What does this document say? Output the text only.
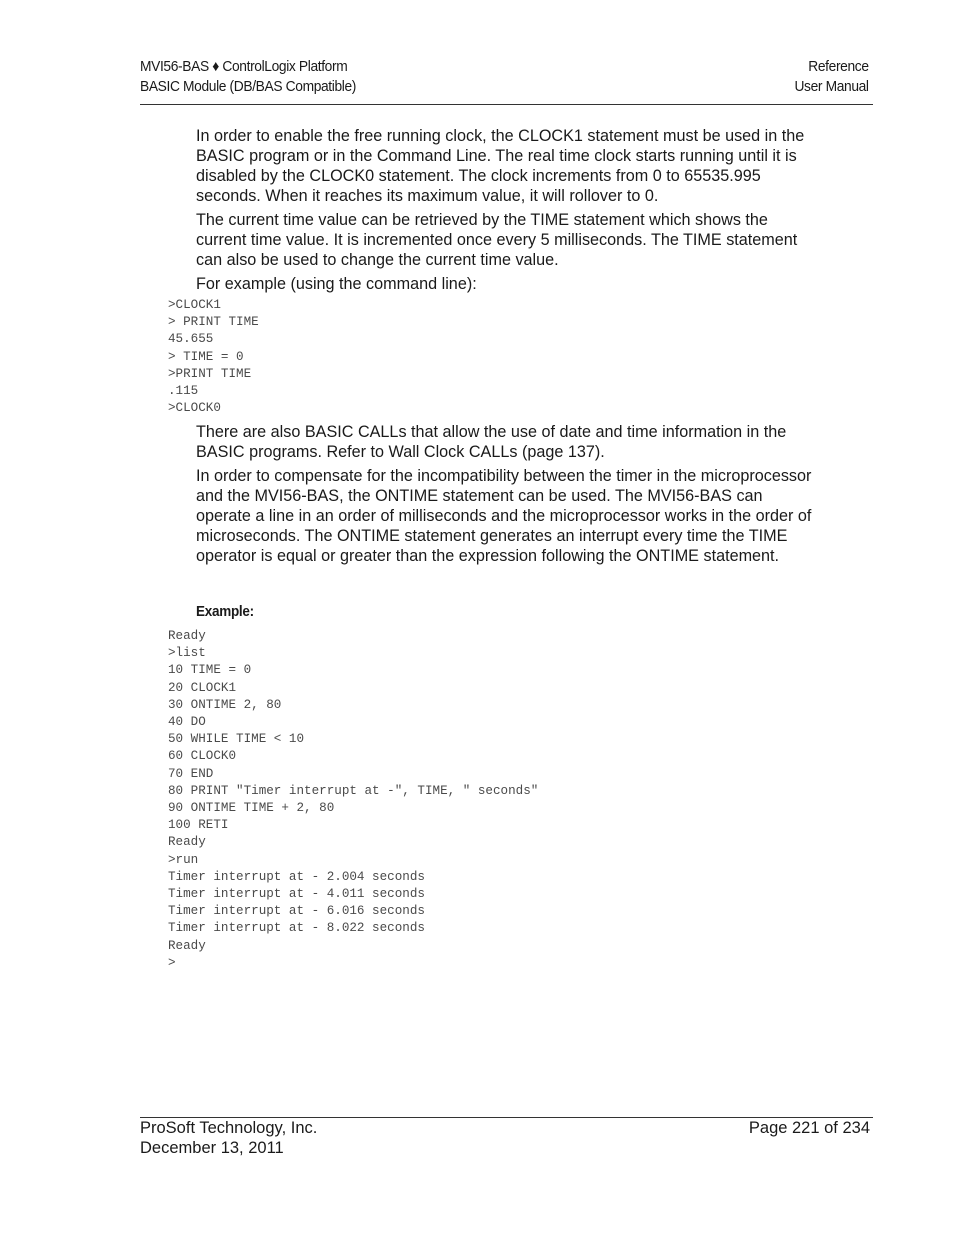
MVI56-BAS ♦ ControlLogix Platform
BASIC Module (DB/BAS Compatible)
Reference
User Manual

In order to enable the free running clock, the CLOCK1 statement must be used in the BASIC program or in the Command Line. The real time clock starts running until it is disabled by the CLOCK0 statement. The clock increments from 0 to 65535.995 seconds. When it reaches its maximum value, it will rollover to 0.

The current time value can be retrieved by the TIME statement which shows the current time value. It is incremented once every 5 milliseconds. The TIME statement can also be used to change the current time value.

For example (using the command line):

>CLOCK1
> PRINT TIME
45.655
> TIME = 0
>PRINT TIME
.115
>CLOCK0

There are also BASIC CALLs that allow the use of date and time information in the BASIC programs. Refer to Wall Clock CALLs (page 137).

In order to compensate for the incompatibility between the timer in the microprocessor and the MVI56-BAS, the ONTIME statement can be used. The MVI56-BAS can operate a line in an order of milliseconds and the microprocessor works in the order of microseconds. The ONTIME statement generates an interrupt every time the TIME operator is equal or greater than the expression following the ONTIME statement.

Example:
Ready
>list
10 TIME = 0
20 CLOCK1
30 ONTIME 2, 80
40 DO
50 WHILE TIME < 10
60 CLOCK0
70 END
80 PRINT "Timer interrupt at -", TIME, " seconds"
90 ONTIME TIME + 2, 80
100 RETI
Ready
>run
Timer interrupt at - 2.004 seconds
Timer interrupt at - 4.011 seconds
Timer interrupt at - 6.016 seconds
Timer interrupt at - 8.022 seconds
Ready
>
ProSoft Technology, Inc.
December 13, 2011
Page 221 of 234
